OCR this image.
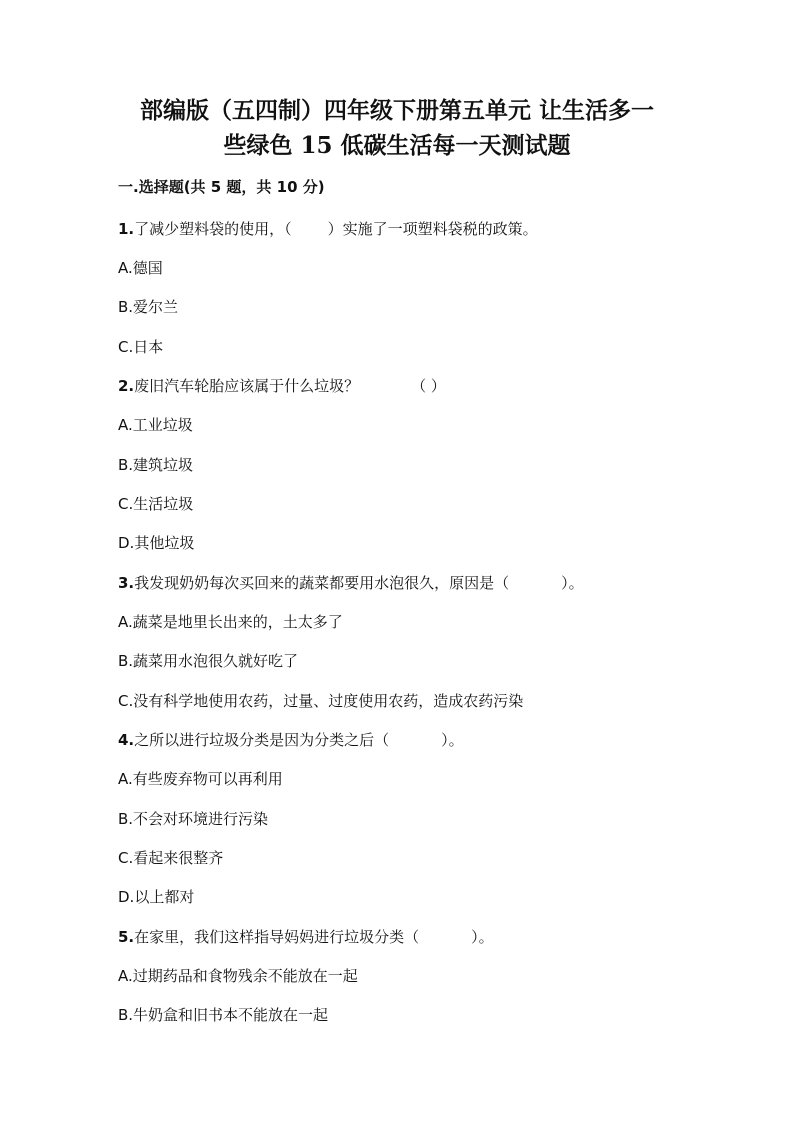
部编版（五四制）四年级下册第五单元 让生活多一
些绿色 15 低碳生活每一天测试题
一.选择题(共 5 题，共 10 分)
1.了减少塑料袋的使用，（ ）实施了一项塑料袋税的政策。
A.德国
B.爱尔兰
C.日本
2.废旧汽车轮胎应该属于什么垃圾？	（ ）
A.工业垃圾
B.建筑垃圾
C.生活垃圾
D.其他垃圾
3.我发现奶奶每次买回来的蔬菜都要用水泡很久，原因是（	）。
A.蔬菜是地里长出来的，土太多了
B.蔬菜用水泡很久就好吃了
C.没有科学地使用农药，过量、过度使用农药，造成农药污染
4.之所以进行垃圾分类是因为分类之后（	）。
A.有些废弃物可以再利用
B.不会对环境进行污染
C.看起来很整齐
D.以上都对
5.在家里，我们这样指导妈妈进行垃圾分类（	）。
A.过期药品和食物残余不能放在一起
B.牛奶盒和旧书本不能放在一起
